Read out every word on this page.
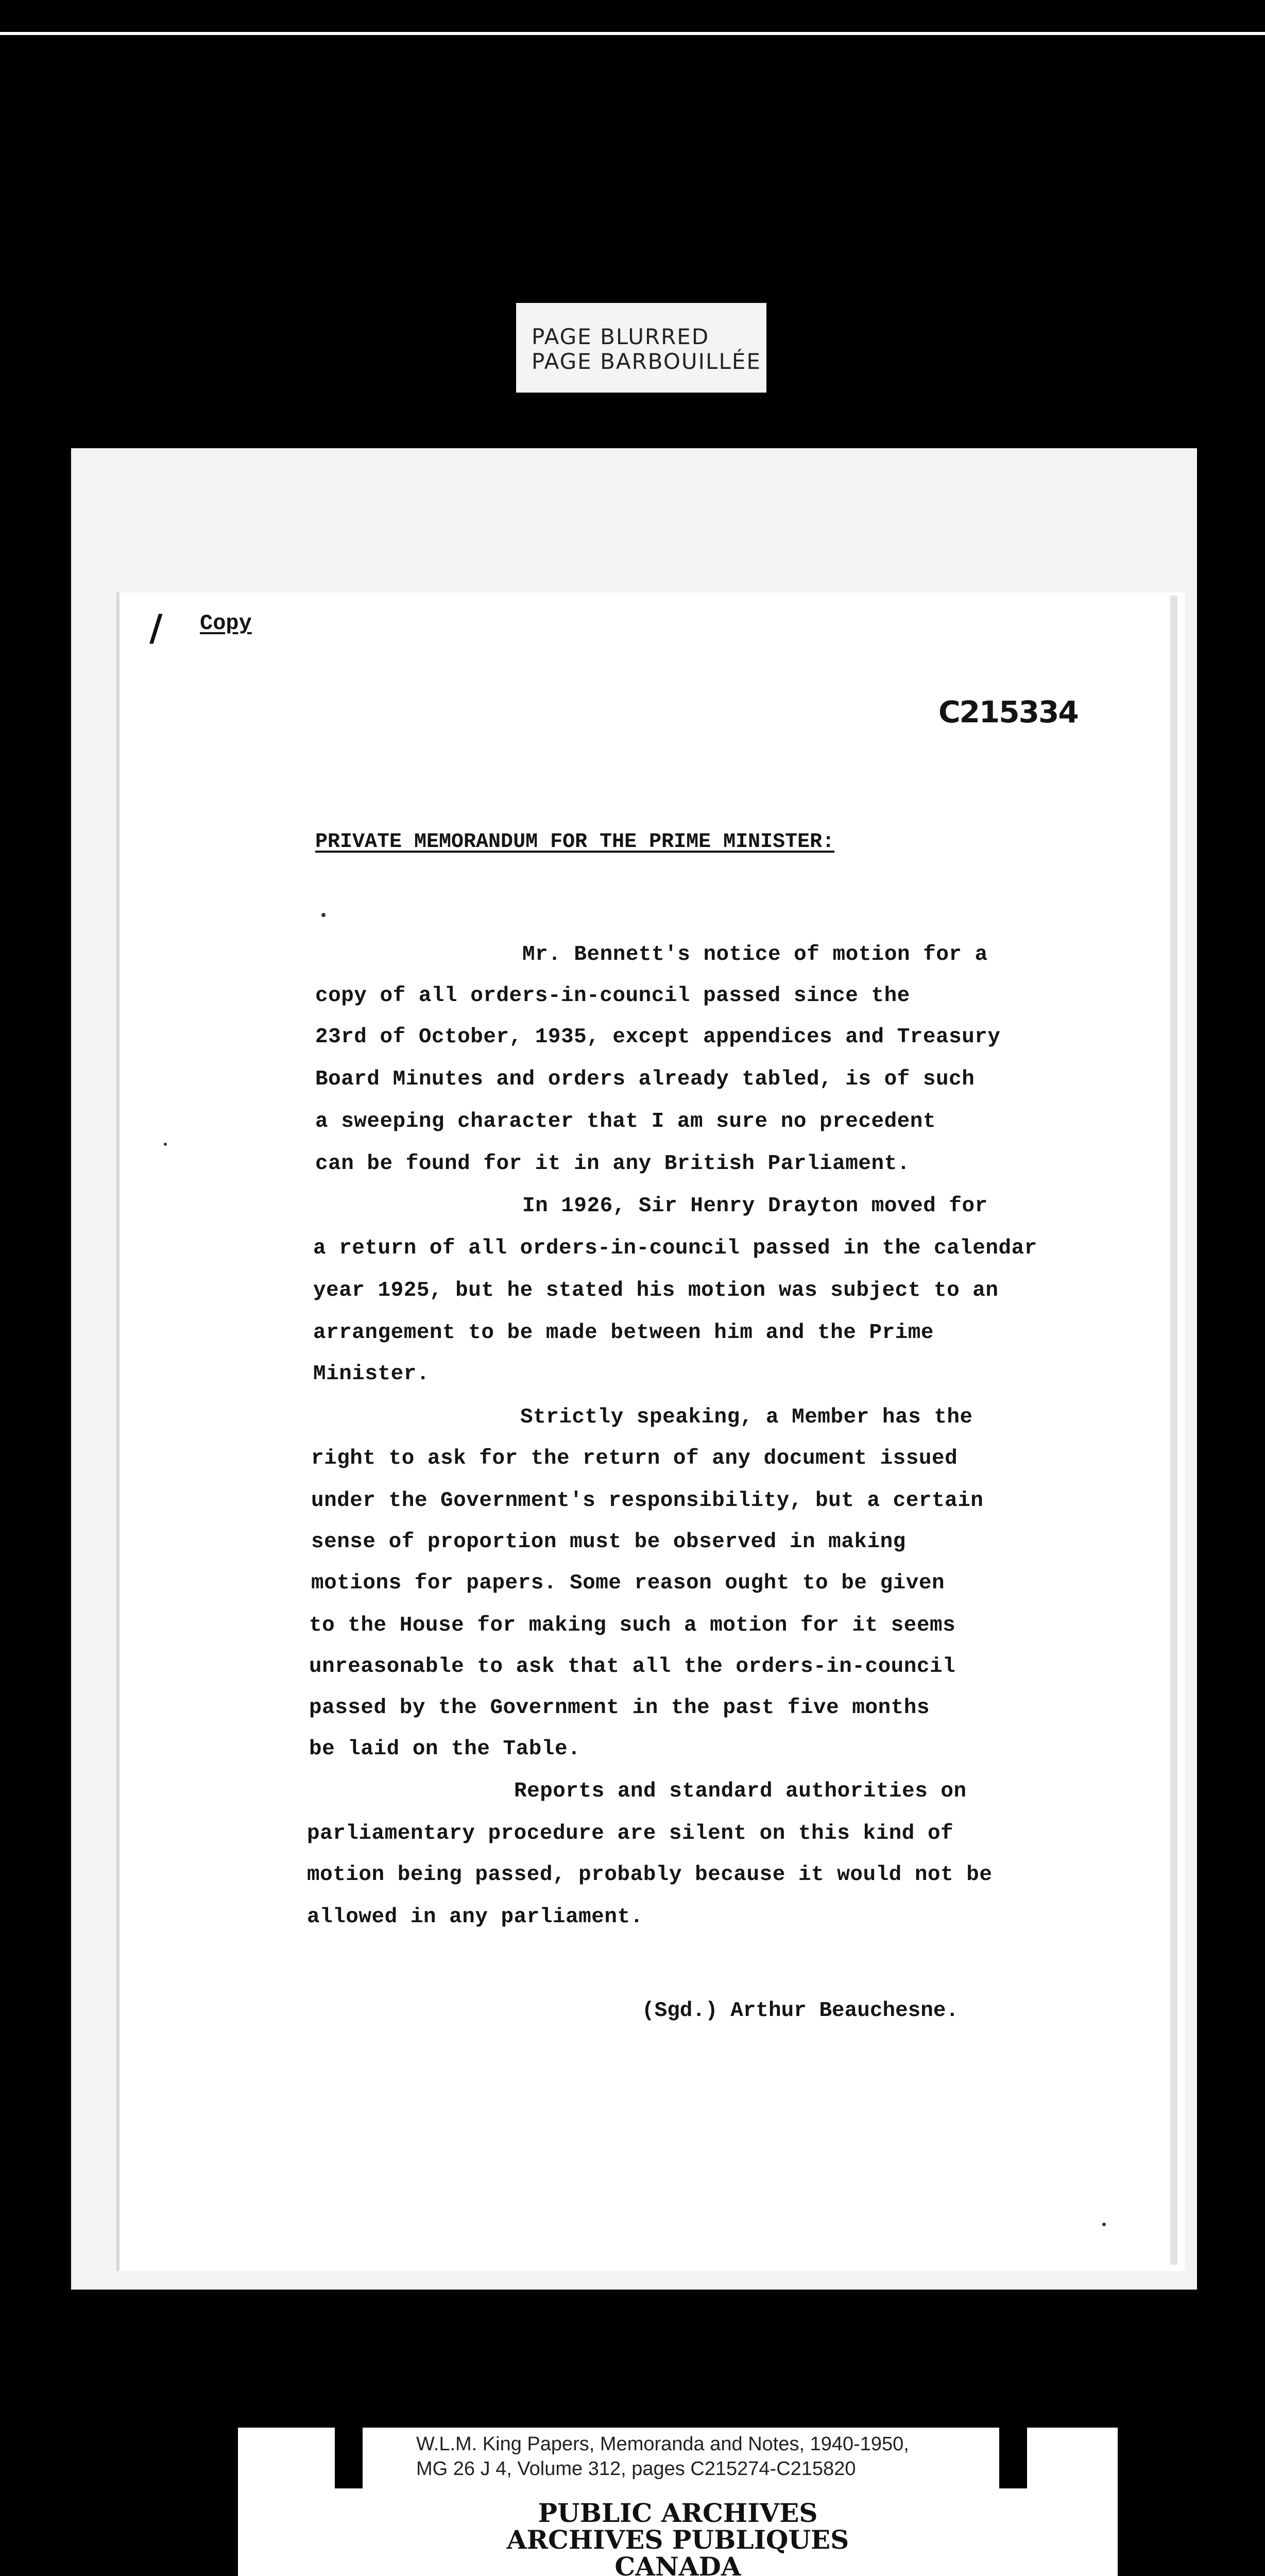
PAGE BLURRED
PAGE BARBOUILLÉE
/ Copy
C215334
PRIVATE MEMORANDUM FOR THE PRIME MINISTER:
Mr. Bennett's notice of motion for a
copy of all orders-in-council passed since the
23rd of October, 1935, except appendices and Treasury
Board Minutes and orders already tabled, is of such
a sweeping character that I am sure no precedent
can be found for it in any British Parliament.
In 1926, Sir Henry Drayton moved for
a return of all orders-in-council passed in the calendar
year 1925, but he stated his motion was subject to an
arrangement to be made between him and the Prime
Minister.
Strictly speaking, a Member has the
right to ask for the return of any document issued
under the Government's responsibility, but a certain
sense of proportion must be observed in making
motions for papers. Some reason ought to be given
to the House for making such a motion for it seems
unreasonable to ask that all the orders-in-council
passed by the Government in the past five months
be laid on the Table.
Reports and standard authorities on
parliamentary procedure are silent on this kind of
motion being passed, probably because it would not be
allowed in any parliament.
(Sgd.) Arthur Beauchesne.
W.L.M. King Papers, Memoranda and Notes, 1940-1950,
MG 26 J 4, Volume 312, pages C215274-C215820
PUBLIC ARCHIVES
ARCHIVES PUBLIQUES
CANADA
